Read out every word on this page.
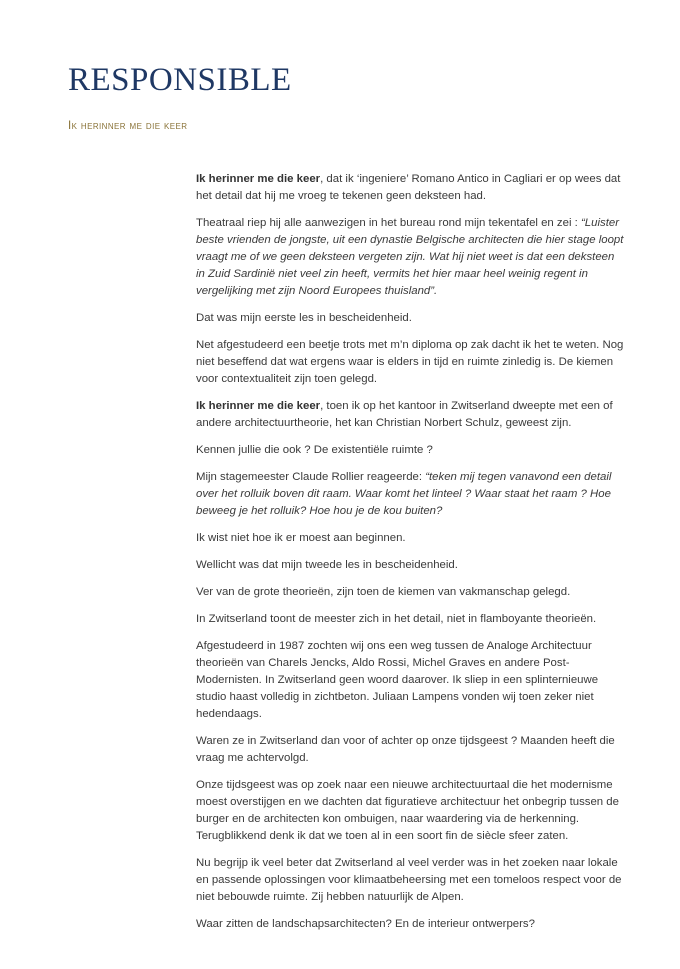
RESPONSIBLE
Ik herinner me die keer

Ik herinner me die keer, dat ik ‘ingeniere’ Romano Antico in Cagliari er op wees dat het detail dat hij me vroeg te tekenen geen deksteen had.

Theatraal riep hij alle aanwezigen in het bureau rond mijn tekentafel en zei : “Luister beste vrienden de jongste, uit een dynastie Belgische architecten die hier stage loopt vraagt me of we geen deksteen vergeten zijn. Wat hij niet weet is dat een deksteen in Zuid Sardinië niet veel zin heeft, vermits het hier maar heel weinig regent in vergelijking met zijn Noord Europees thuisland”.

Dat was mijn eerste les in bescheidenheid.

Net afgestudeerd een beetje trots met m’n diploma op zak dacht ik het te weten. Nog niet beseffend dat wat ergens waar is elders in tijd en ruimte zinledig is. De kiemen voor contextualiteit zijn toen gelegd.

Ik herinner me die keer, toen ik op het kantoor in Zwitserland dweepte met een of andere architectuurtheorie, het kan Christian Norbert Schulz, geweest zijn.

Kennen jullie die ook ? De existentiële ruimte ?

Mijn stagemeester Claude Rollier reageerde: “teken mij tegen vanavond een detail over het rolluik boven dit raam. Waar komt het linteel ? Waar staat het raam ? Hoe beweeg je het rolluik? Hoe hou je de kou buiten?

Ik wist niet hoe ik er moest aan beginnen.

Wellicht was dat mijn tweede les in bescheidenheid.

Ver van de grote theorieën, zijn toen de kiemen van vakmanschap gelegd.

In Zwitserland toont de meester zich in het detail, niet in flamboyante theorieën.

Afgestudeerd in 1987 zochten wij ons een weg tussen de Analoge Architectuur theorieën van Charels Jencks, Aldo Rossi, Michel Graves en andere Post-Modernisten. In Zwitserland geen woord daarover. Ik sliep in een splinternieuwe studio haast volledig in zichtbeton. Juliaan Lampens vonden wij toen zeker niet hedendaags.

Waren ze in Zwitserland dan voor of achter op onze tijdsgeest ? Maanden heeft die vraag me achtervolgd.

Onze tijdsgeest was op zoek naar een nieuwe architectuurtaal die het modernisme moest overstijgen en we dachten dat figuratieve architectuur het onbegrip tussen de burger en de architecten kon ombuigen, naar waardering via de herkenning. Terugblikkend denk ik dat we toen al in een soort fin de siècle sfeer zaten.

Nu begrijp ik veel beter dat Zwitserland al veel verder was in het zoeken naar lokale en passende oplossingen voor klimaatbeheersing met een tomeloos respect voor de niet bebouwde ruimte. Zij hebben natuurlijk de Alpen.

Waar zitten de landschapsarchitecten? En de interieur ontwerpers?
